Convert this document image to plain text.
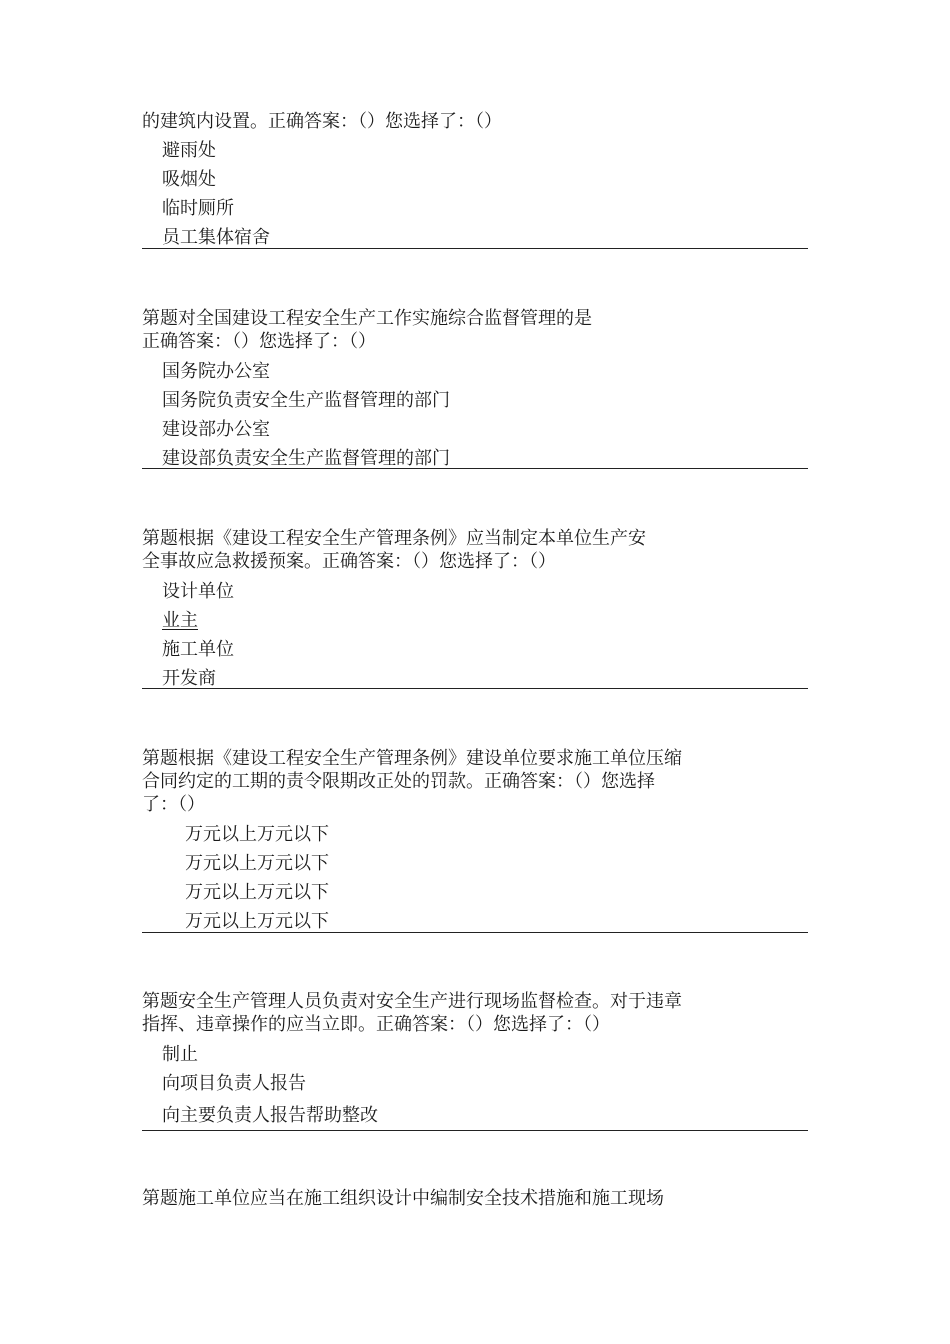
的建筑内设置。正确答案：（）您选择了：（）
避雨处
吸烟处
临时厕所
员工集体宿舍
第题对全国建设工程安全生产工作实施综合监督管理的是
正确答案：（）您选择了：（）
国务院办公室
国务院负责安全生产监督管理的部门
建设部办公室
建设部负责安全生产监督管理的部门
第题根据《建设工程安全生产管理条例》应当制定本单位生产安
全事故应急救援预案。正确答案：（）您选择了：（）
设计单位
业主
施工单位
开发商
第题根据《建设工程安全生产管理条例》建设单位要求施工单位压缩
合同约定的工期的责令限期改正处的罚款。正确答案：（）您选择
了：（）
万元以上万元以下
万元以上万元以下
万元以上万元以下
万元以上万元以下
第题安全生产管理人员负责对安全生产进行现场监督检查。对于违章
指挥、违章操作的应当立即。正确答案：（）您选择了：（）
制止
向项目负责人报告
向主要负责人报告帮助整改
第题施工单位应当在施工组织设计中编制安全技术措施和施工现场
